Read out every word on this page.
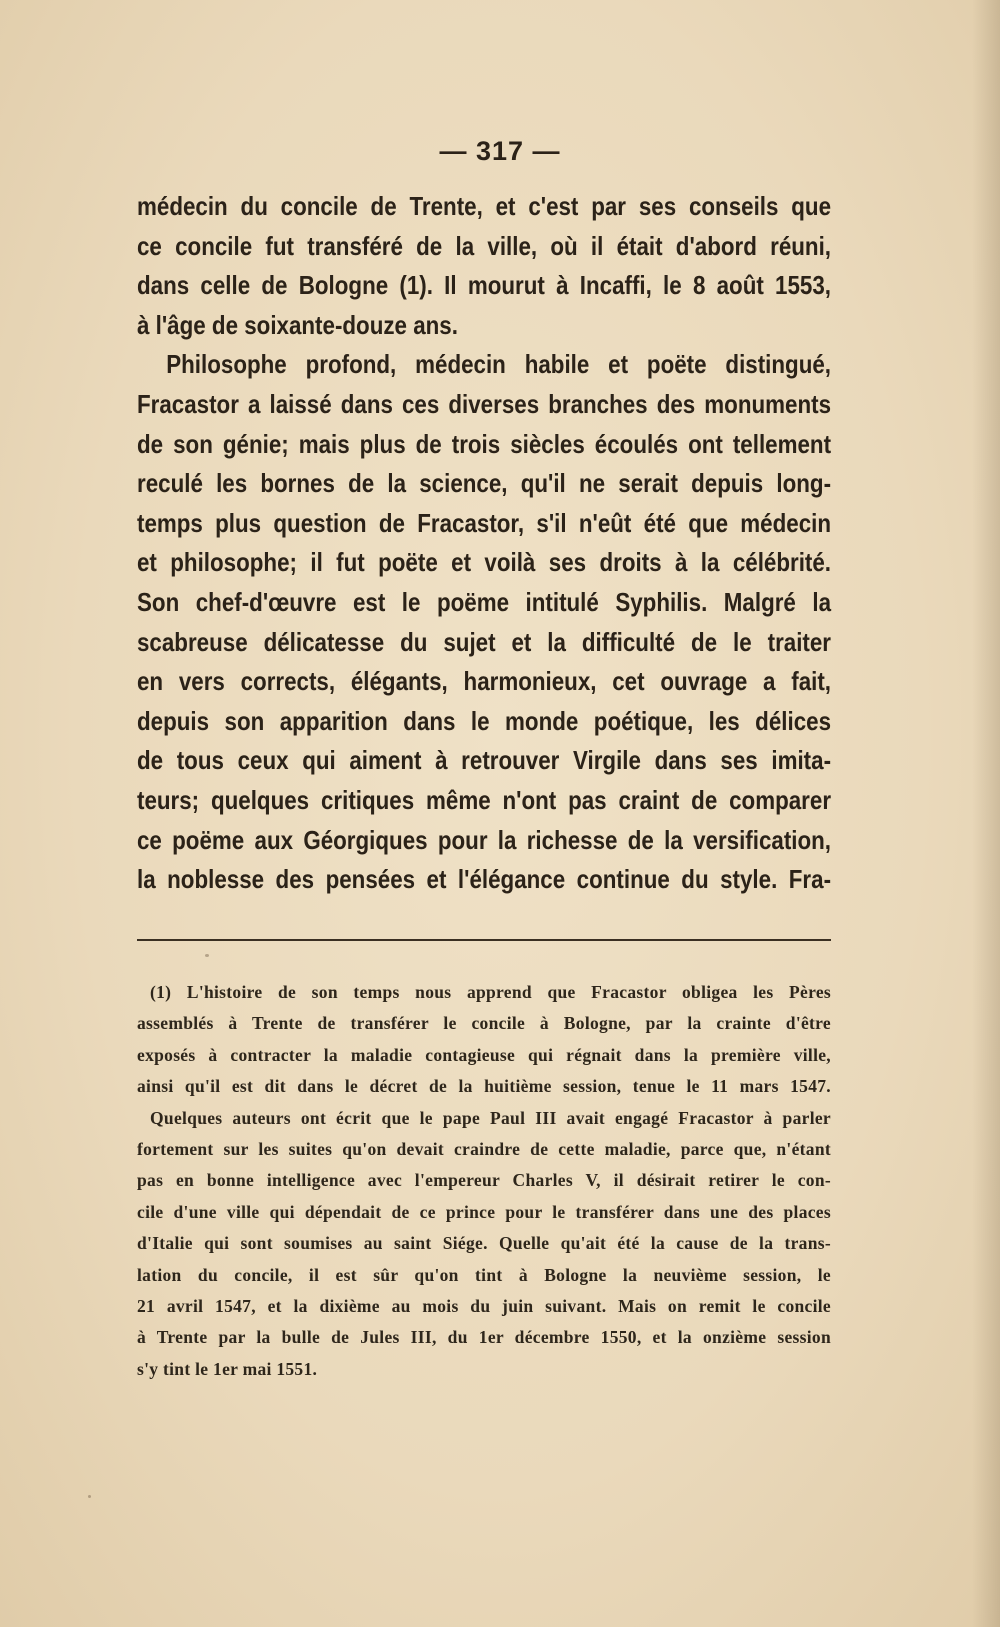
— 317 —
médecin du concile de Trente, et c'est par ses conseils que
ce concile fut transféré de la ville, où il était d'abord réuni,
dans celle de Bologne (1). Il mourut à Incaffi, le 8 août 1553,
à l'âge de soixante-douze ans.
Philosophe profond, médecin habile et poëte distingué,
Fracastor a laissé dans ces diverses branches des monuments
de son génie; mais plus de trois siècles écoulés ont tellement
reculé les bornes de la science, qu'il ne serait depuis long-
temps plus question de Fracastor, s'il n'eût été que médecin
et philosophe; il fut poëte et voilà ses droits à la célébrité.
Son chef-d'œuvre est le poëme intitulé Syphilis. Malgré la
scabreuse délicatesse du sujet et la difficulté de le traiter
en vers corrects, élégants, harmonieux, cet ouvrage a fait,
depuis son apparition dans le monde poétique, les délices
de tous ceux qui aiment à retrouver Virgile dans ses imita-
teurs; quelques critiques même n'ont pas craint de comparer
ce poëme aux Géorgiques pour la richesse de la versification,
la noblesse des pensées et l'élégance continue du style. Fra-
(1) L'histoire de son temps nous apprend que Fracastor obligea les Pères
assemblés à Trente de transférer le concile à Bologne, par la crainte d'être
exposés à contracter la maladie contagieuse qui régnait dans la première ville,
ainsi qu'il est dit dans le décret de la huitième session, tenue le 11 mars 1547.
Quelques auteurs ont écrit que le pape Paul III avait engagé Fracastor à parler
fortement sur les suites qu'on devait craindre de cette maladie, parce que, n'étant
pas en bonne intelligence avec l'empereur Charles V, il désirait retirer le con-
cile d'une ville qui dépendait de ce prince pour le transférer dans une des places
d'Italie qui sont soumises au saint Siége. Quelle qu'ait été la cause de la trans-
lation du concile, il est sûr qu'on tint à Bologne la neuvième session, le
21 avril 1547, et la dixième au mois du juin suivant. Mais on remit le concile
à Trente par la bulle de Jules III, du 1er décembre 1550, et la onzième session
s'y tint le 1er mai 1551.
